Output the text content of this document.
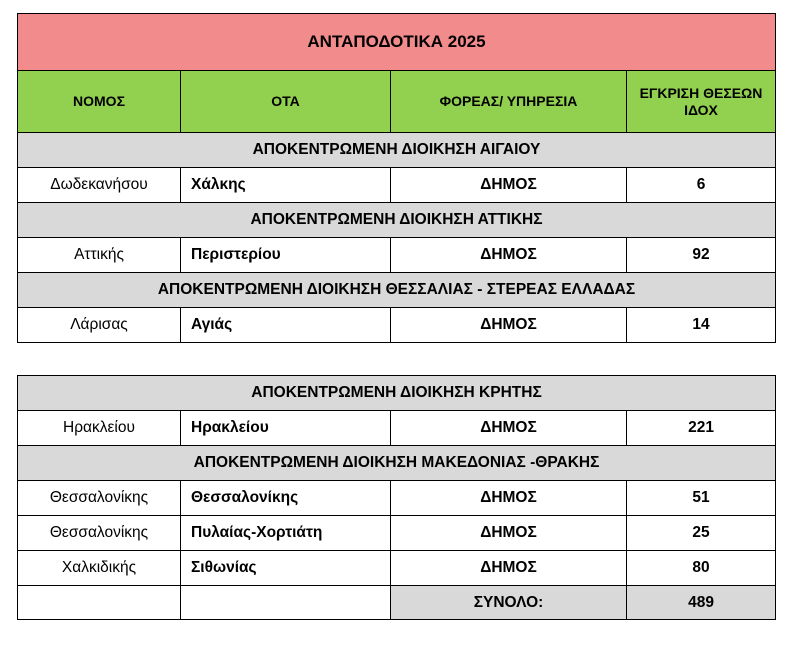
ΑΝΤΑΠΟΔΟΤΙΚΑ 2025			
ΝΟΜΟΣ	ΟΤΑ	ΦΟΡΕΑΣ/ ΥΠΗΡΕΣΙΑ	ΕΓΚΡΙΣΗ ΘΕΣΕΩΝ ΙΔΟΧ
ΑΠΟΚΕΝΤΡΩΜΕΝΗ ΔΙΟΙΚΗΣΗ ΑΙΓΑΙΟΥ			
Δωδεκανήσου	Χάλκης	ΔΗΜΟΣ	6
ΑΠΟΚΕΝΤΡΩΜΕΝΗ ΔΙΟΙΚΗΣΗ ΑΤΤΙΚΗΣ			
Αττικής	Περιστερίου	ΔΗΜΟΣ	92
ΑΠΟΚΕΝΤΡΩΜΕΝΗ ΔΙΟΙΚΗΣΗ ΘΕΣΣΑΛΙΑΣ - ΣΤΕΡΕΑΣ ΕΛΛΑΔΑΣ			
Λάρισας	Αγιάς	ΔΗΜΟΣ	14
ΑΠΟΚΕΝΤΡΩΜΕΝΗ ΔΙΟΙΚΗΣΗ ΚΡΗΤΗΣ			
Ηρακλείου	Ηρακλείου	ΔΗΜΟΣ	221
ΑΠΟΚΕΝΤΡΩΜΕΝΗ ΔΙΟΙΚΗΣΗ ΜΑΚΕΔΟΝΙΑΣ -ΘΡΑΚΗΣ			
Θεσσαλονίκης	Θεσσαλονίκης	ΔΗΜΟΣ	51
Θεσσαλονίκης	Πυλαίας-Χορτιάτη	ΔΗΜΟΣ	25
Χαλκιδικής	Σιθωνίας	ΔΗΜΟΣ	80
		ΣΥΝΟΛΟ:	489
